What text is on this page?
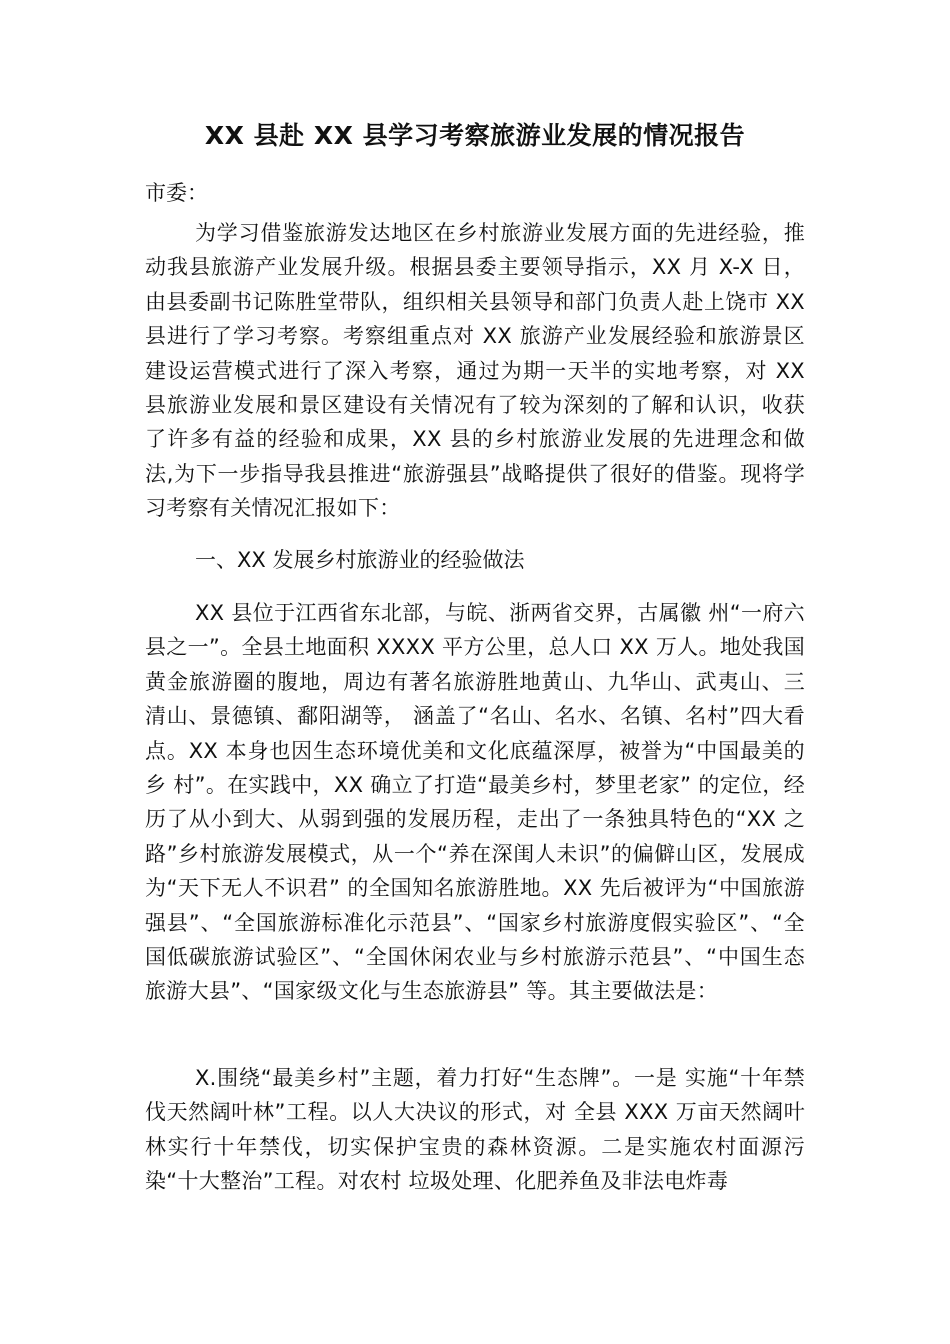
XX 县赴 XX 县学习考察旅游业发展的情况报告
市委：
为学习借鉴旅游发达地区在乡村旅游业发展方面的先进经验，推动我县旅游产业发展升级。根据县委主要领导指示，XX 月 X-X 日，由县委副书记陈胜堂带队，组织相关县领导和部门负责人赴上饶市 XX 县进行了学习考察。考察组重点对 XX 旅游产业发展经验和旅游景区建设运营模式进行了深入考察，通过为期一天半的实地考察，对 XX 县旅游业发展和景区建设有关情况有了较为深刻的了解和认识，收获了许多有益的经验和成果，XX 县的乡村旅游业发展的先进理念和做法,为下一步指导我县推进“旅游强县”战略提供了很好的借鉴。现将学习考察有关情况汇报如下：
一、XX 发展乡村旅游业的经验做法
XX 县位于江西省东北部，与皖、浙两省交界，古属徽 州“一府六县之一”。全县土地面积 XXXX 平方公里，总人口 XX 万人。地处我国黄金旅游圈的腹地，周边有著名旅游胜地黄山、九华山、武夷山、三清山、景德镇、鄱阳湖等， 涵盖了“名山、名水、名镇、名村”四大看点。XX 本身也因生态环境优美和文化底蕴深厚，被誉为“中国最美的乡 村”。在实践中，XX 确立了打造“最美乡村，梦里老家” 的定位，经历了从小到大、从弱到强的发展历程，走出了一条独具特色的“XX 之路”乡村旅游发展模式，从一个“养在深闺人未识”的偏僻山区，发展成为“天下无人不识君” 的全国知名旅游胜地。XX 先后被评为“中国旅游强县”、“全国旅游标准化示范县”、“国家乡村旅游度假实验区”、“全国低碳旅游试验区”、“全国休闲农业与乡村旅游示范县”、“中国生态旅游大县”、“国家级文化与生态旅游县” 等。其主要做法是：
X.围绕“最美乡村”主题，着力打好“生态牌”。一是 实施“十年禁伐天然阔叶林”工程。以人大决议的形式，对 全县 XXX 万亩天然阔叶林实行十年禁伐，切实保护宝贵的森林资源。二是实施农村面源污染“十大整治”工程。对农村 垃圾处理、化肥养鱼及非法电炸毒
